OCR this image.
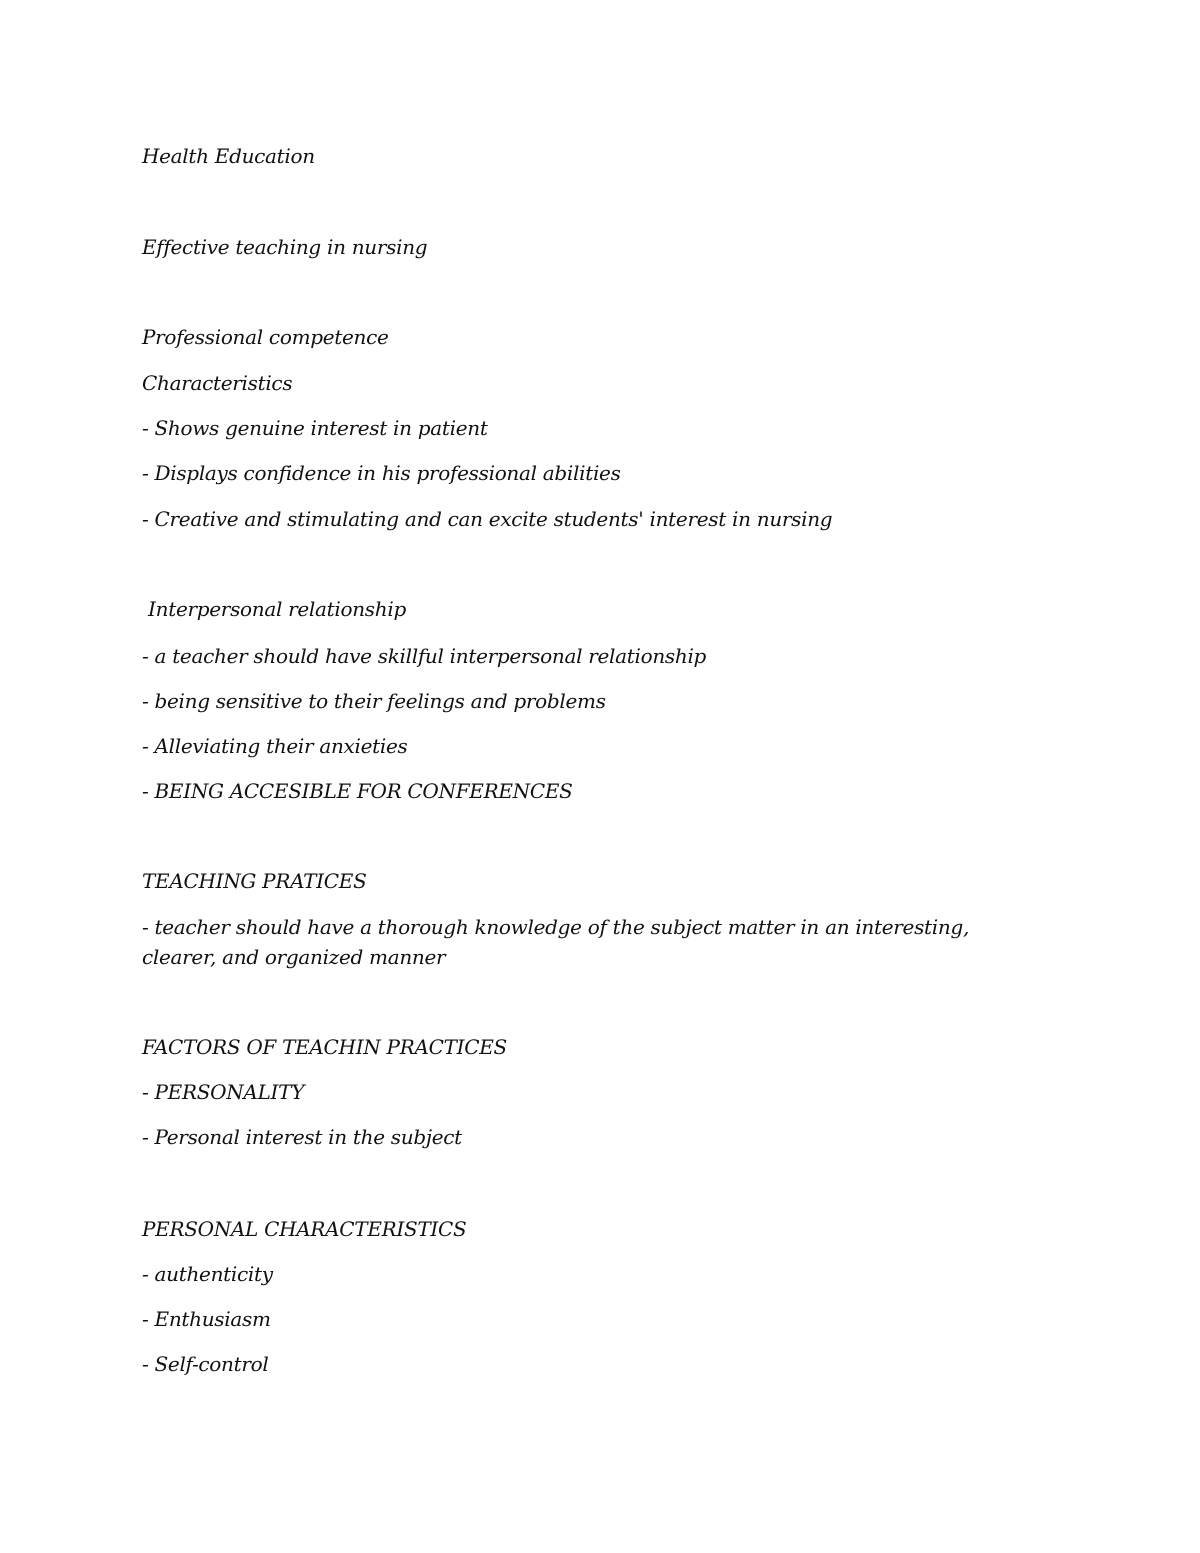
Health Education
Effective teaching in nursing
Professional competence
Characteristics
- Shows genuine interest in patient
- Displays confidence in his professional abilities
- Creative and stimulating and can excite students' interest in nursing
Interpersonal relationship
- a teacher should have skillful interpersonal relationship
- being sensitive to their feelings and problems
- Alleviating their anxieties
- BEING ACCESIBLE FOR CONFERENCES
TEACHING PRATICES
- teacher should have a thorough knowledge of the subject matter in an interesting, clearer, and organized manner
FACTORS OF TEACHIN PRACTICES
- PERSONALITY
- Personal interest in the subject
PERSONAL CHARACTERISTICS
- authenticity
- Enthusiasm
- Self-control
